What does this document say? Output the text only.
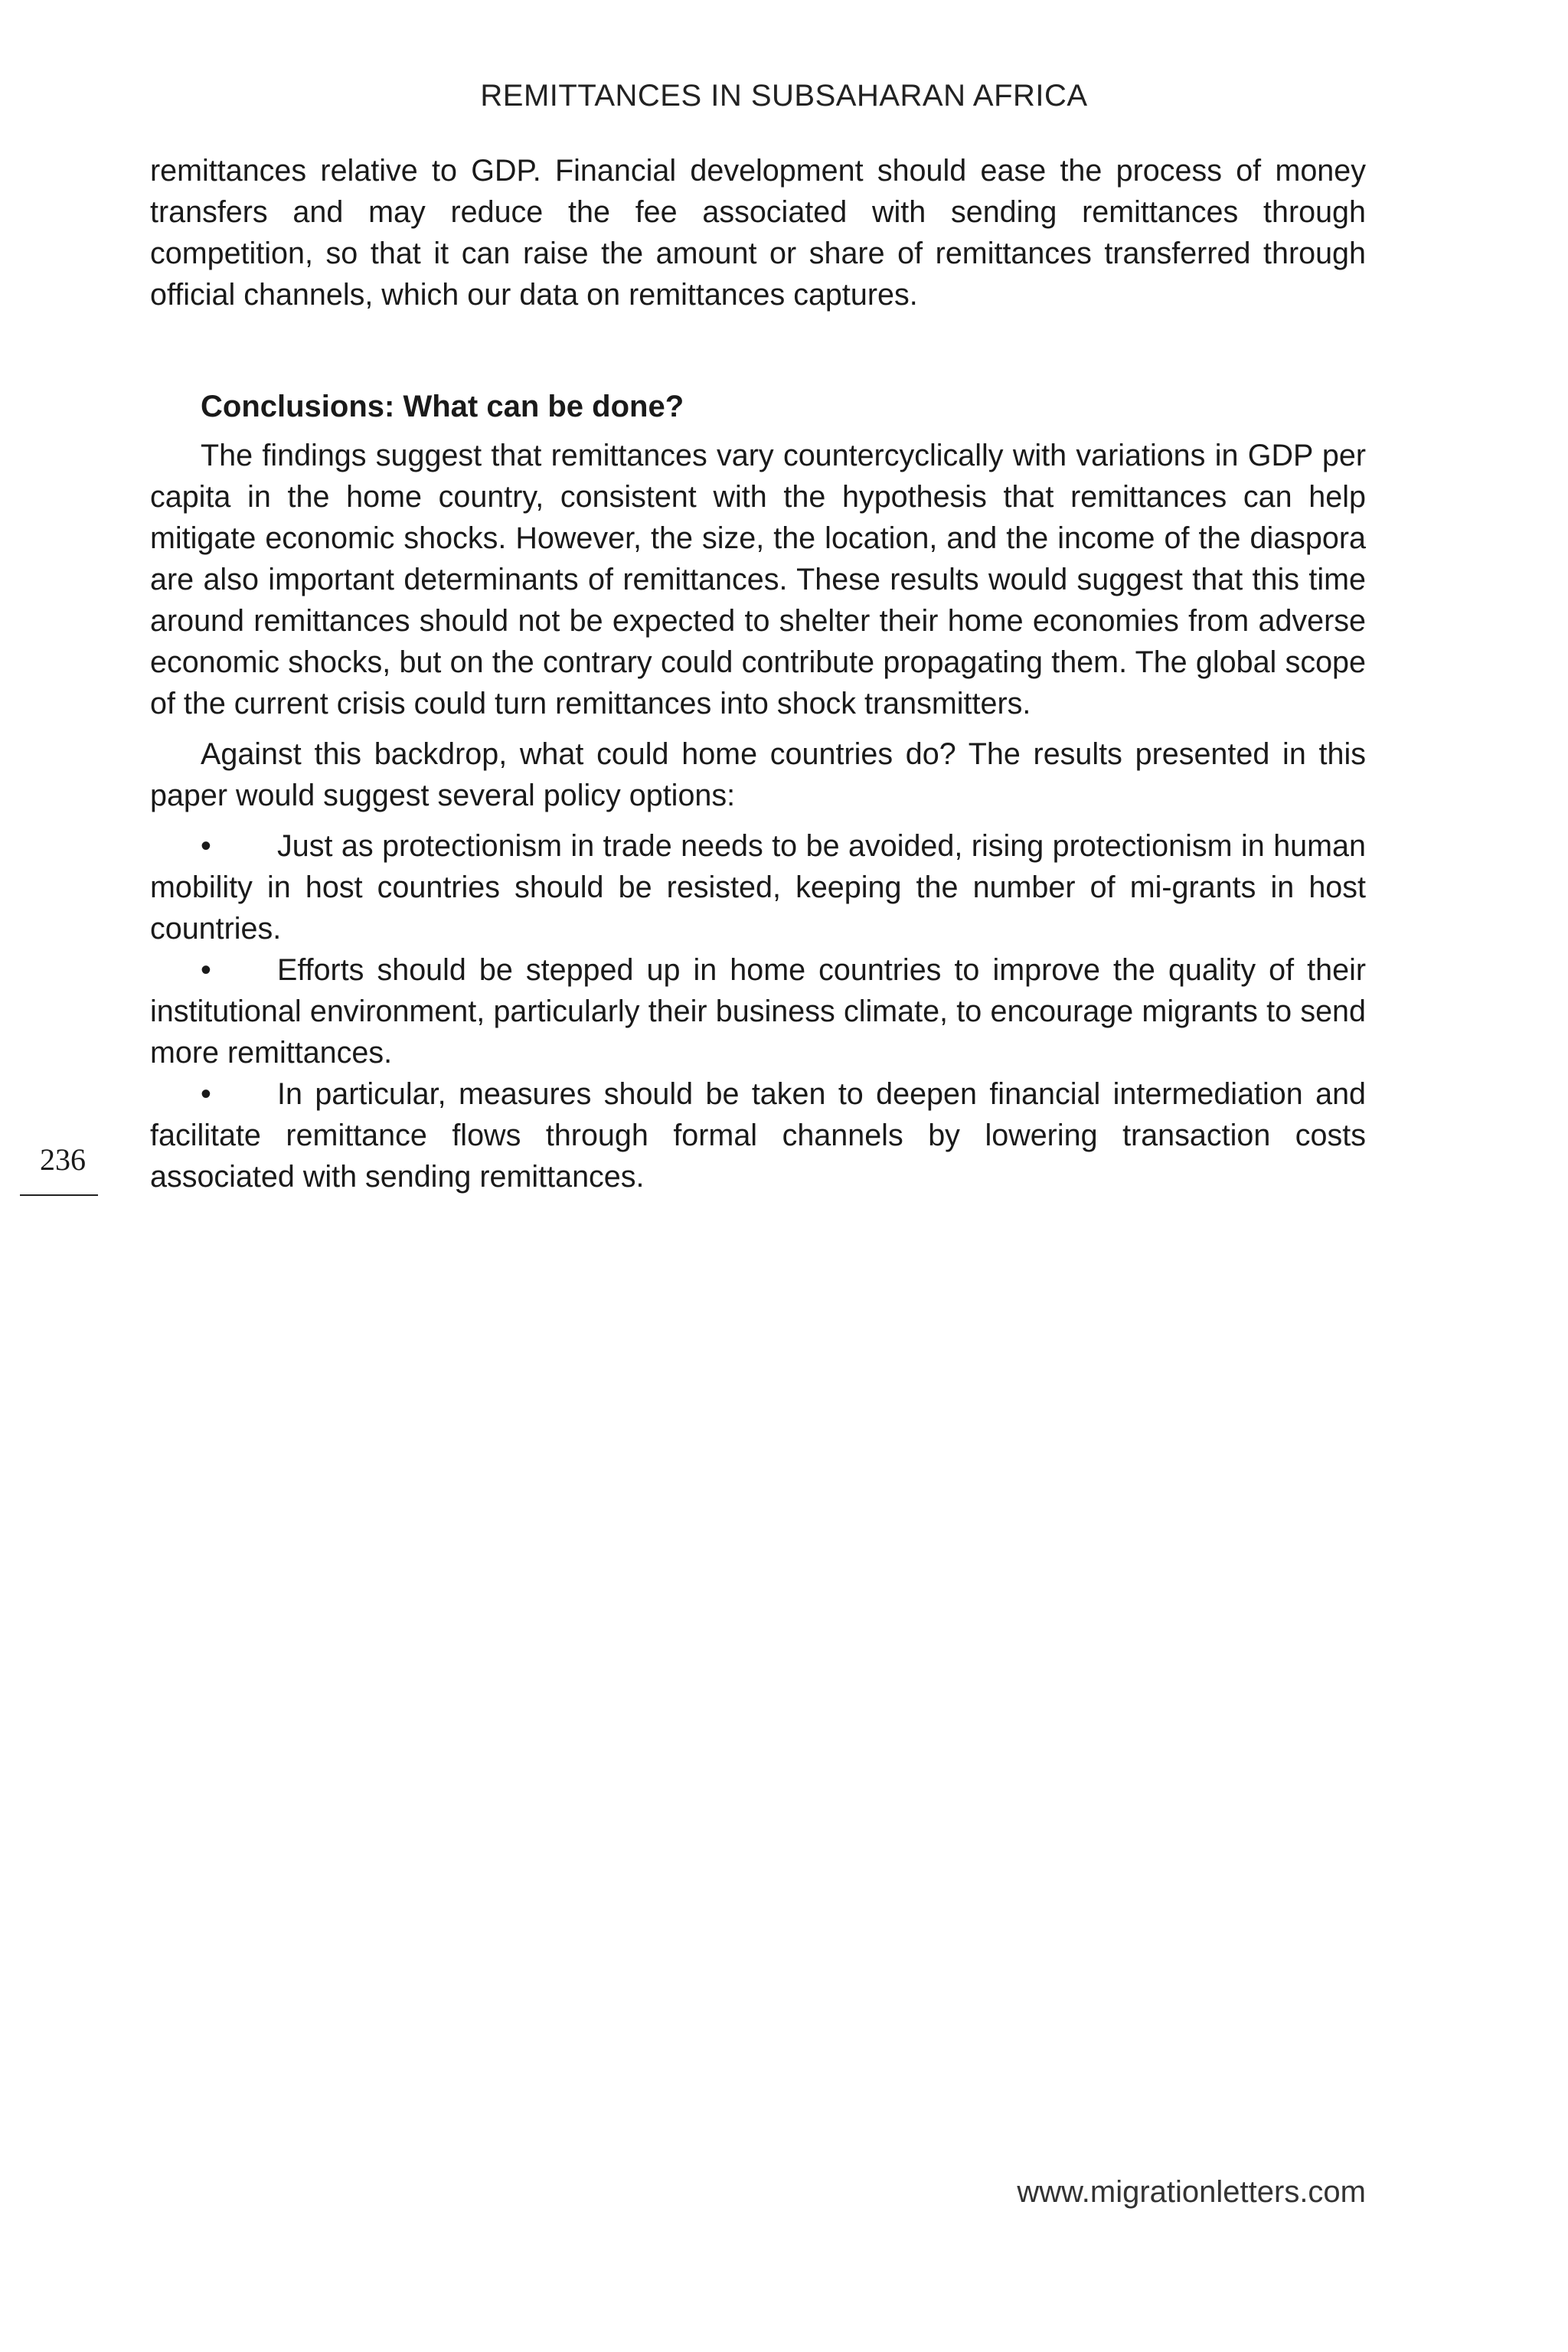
REMITTANCES IN SUBSAHARAN AFRICA

remittances relative to GDP. Financial development should ease the process of money transfers and may reduce the fee associated with sending remittances through competition, so that it can raise the amount or share of remittances transferred through official channels, which our data on remittances captures.

Conclusions: What can be done?

The findings suggest that remittances vary countercyclically with variations in GDP per capita in the home country, consistent with the hypothesis that remittances can help mitigate economic shocks. However, the size, the location, and the income of the diaspora are also important determinants of remittances. These results would suggest that this time around remittances should not be expected to shelter their home economies from adverse economic shocks, but on the contrary could contribute propagating them. The global scope of the current crisis could turn remittances into shock transmitters.

Against this backdrop, what could home countries do? The results presented in this paper would suggest several policy options:

• Just as protectionism in trade needs to be avoided, rising protectionism in human mobility in host countries should be resisted, keeping the number of mi-grants in host countries.

• Efforts should be stepped up in home countries to improve the quality of their institutional environment, particularly their business climate, to encourage migrants to send more remittances.

• In particular, measures should be taken to deepen financial intermediation and facilitate remittance flows through formal channels by lowering transaction costs associated with sending remittances.

236
www.migrationletters.com
